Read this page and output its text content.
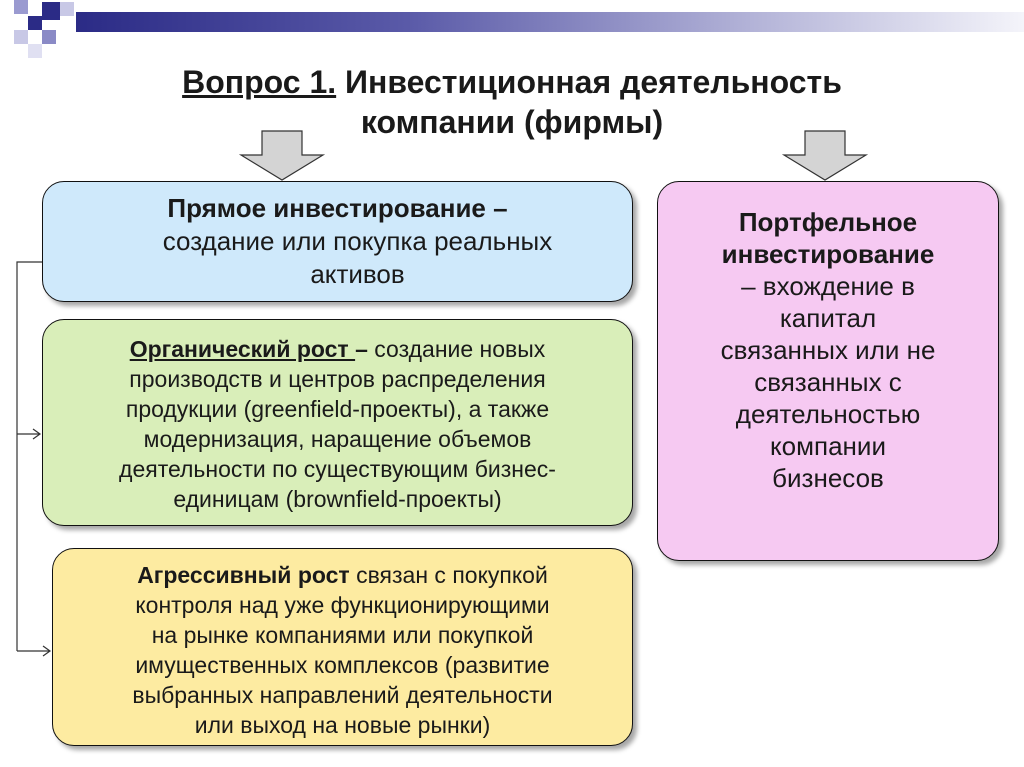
Вопрос 1. Инвестиционная деятельность
компании (фирмы)
Прямое инвестирование –
создание или покупка реальных
активов
Органический рост – создание новых
производств и центров распределения
продукции (greenfield-проекты), а также
модернизация, наращение объемов
деятельности по существующим бизнес-
единицам (brownfield-проекты)
Агрессивный рост связан с покупкой
контроля над уже функционирующими
на рынке компаниями или покупкой
имущественных комплексов (развитие
выбранных направлений деятельности
или выход на новые рынки)
Портфельное
инвестирование
– вхождение в
капитал
связанных или не
связанных с
деятельностью
компании
бизнесов
